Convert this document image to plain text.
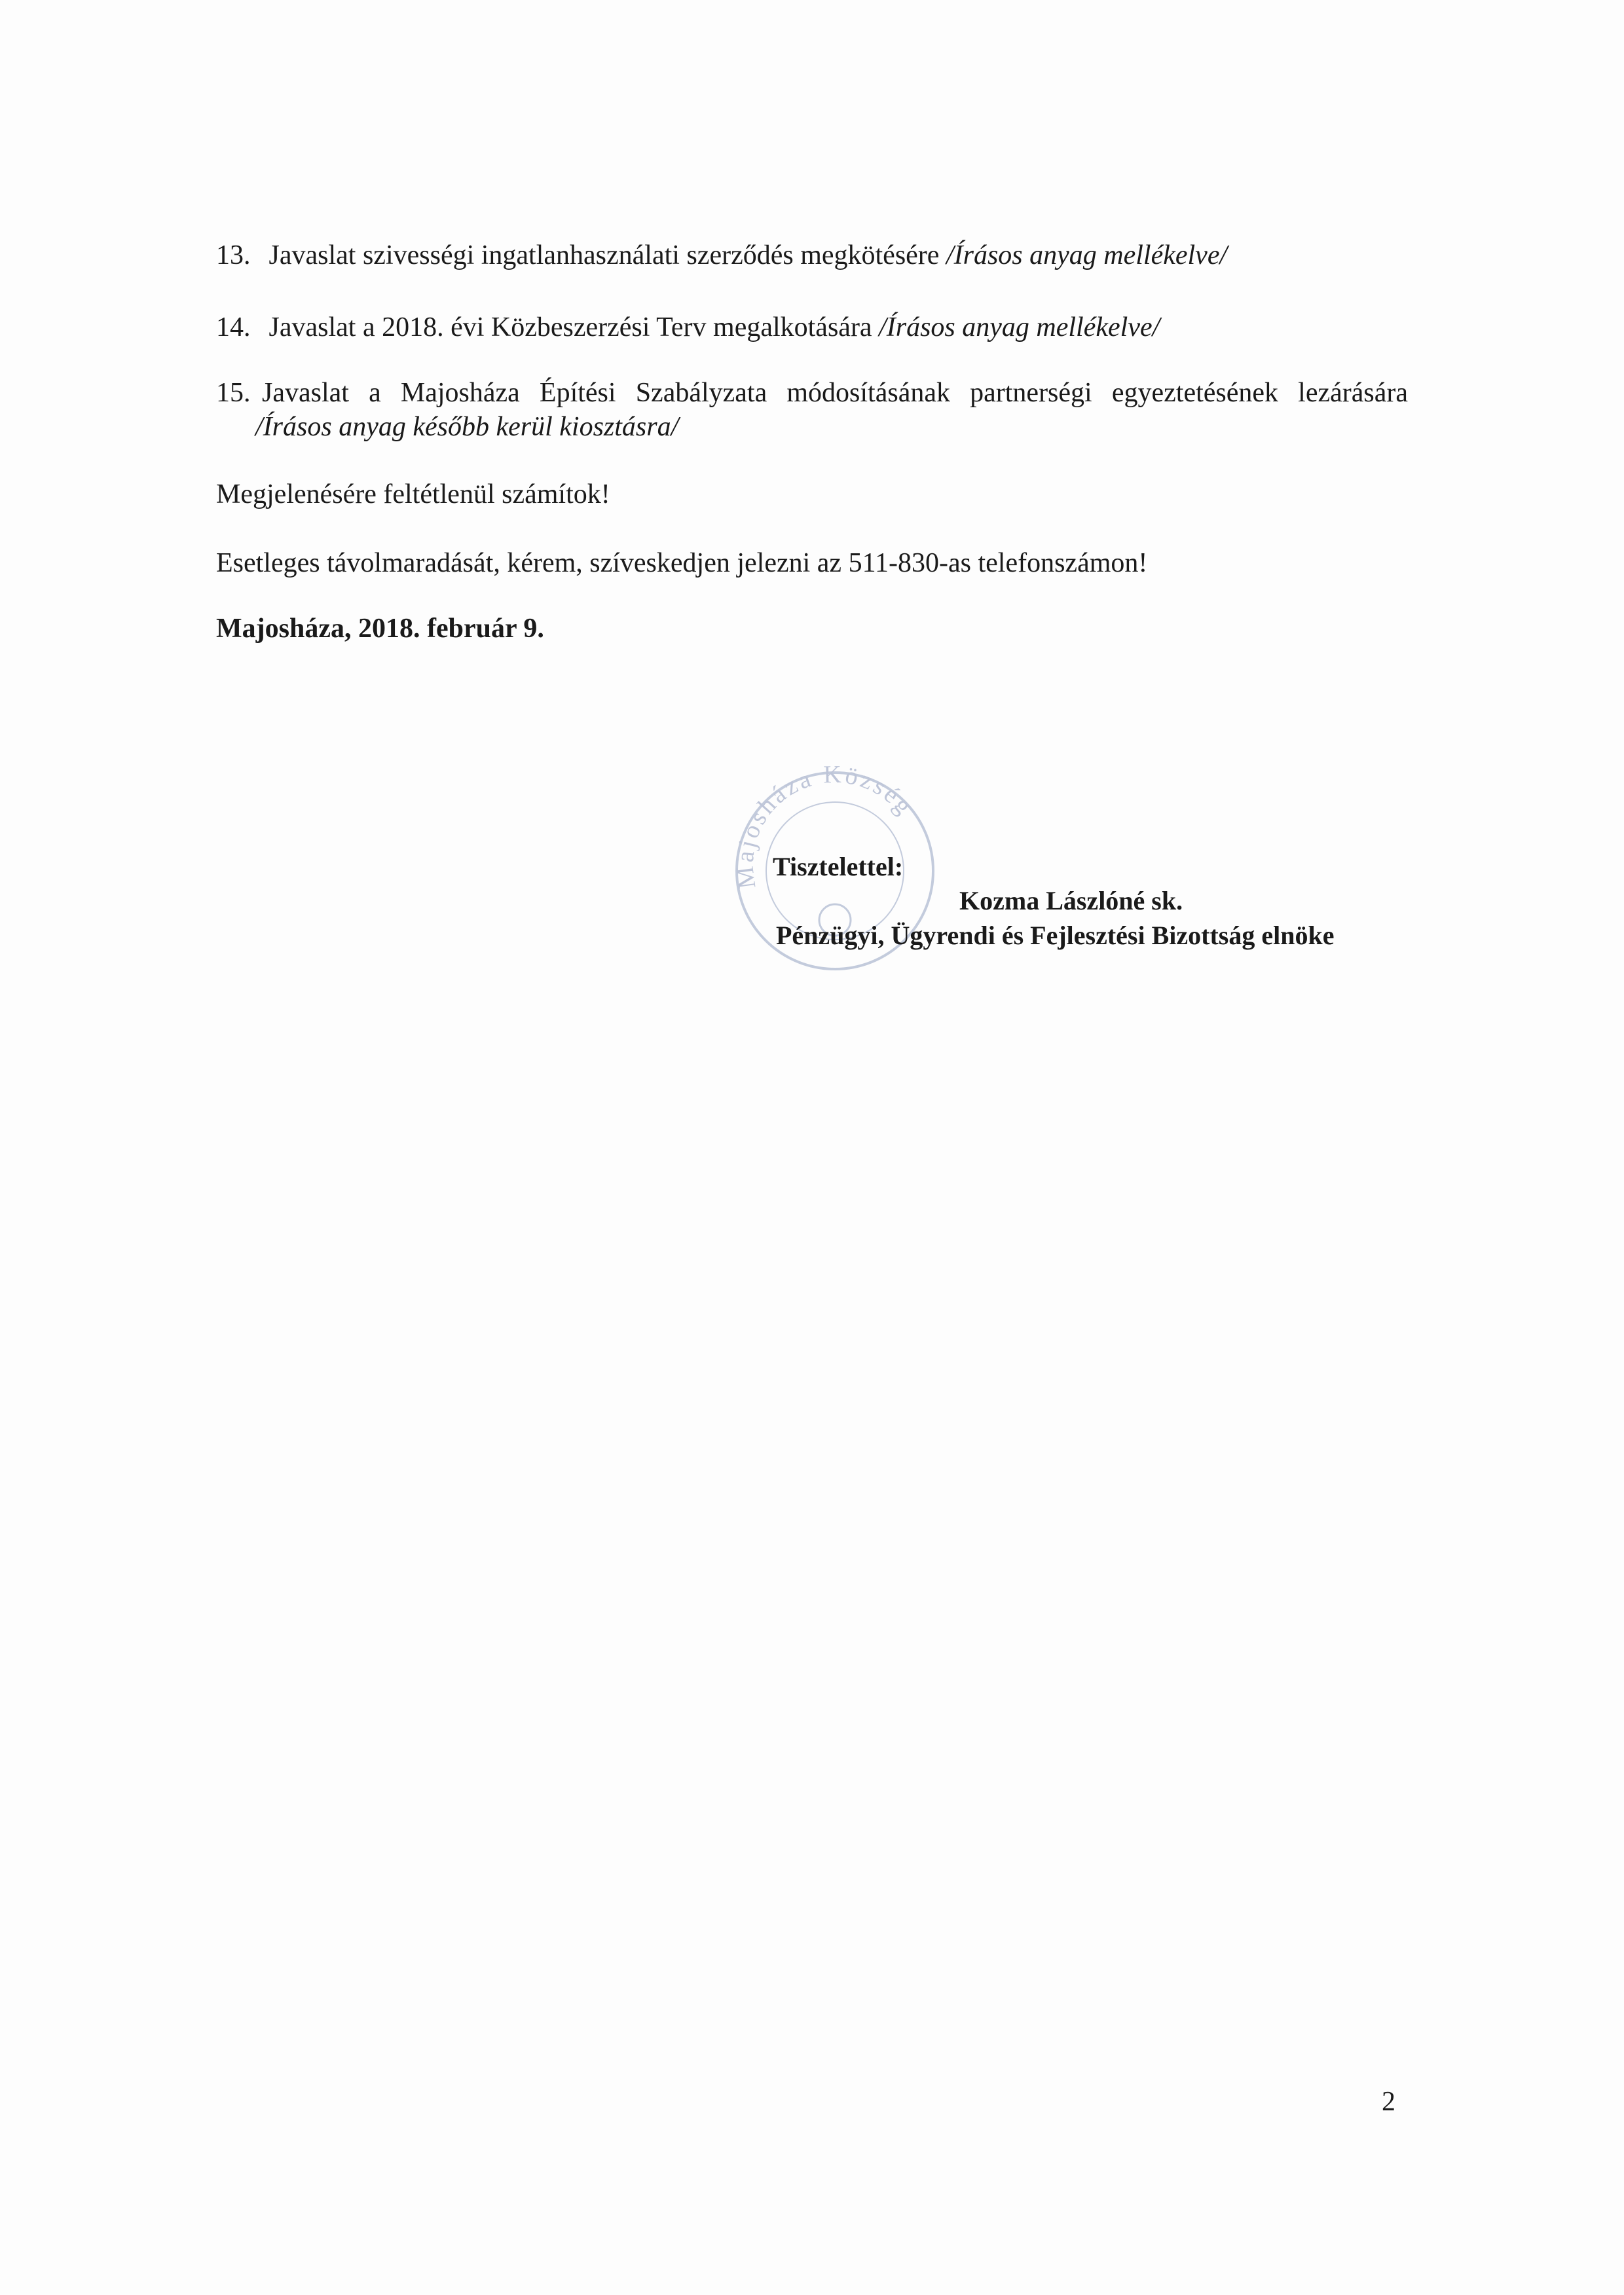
13. Javaslat szivességi ingatlanhasználati szerződés megkötésére /Írásos anyag mellékelve/
14. Javaslat a 2018. évi Közbeszerzési Terv megalkotására /Írásos anyag mellékelve/
15. Javaslat a Majosháza Építési Szabályzata módosításának partnerségi egyeztetésének lezárására
/Írásos anyag később kerül kiosztásra/
Megjelenésére feltétlenül számítok!
Esetleges távolmaradását, kérem, szíveskedjen jelezni az 511-830-as telefonszámon!
Majosháza, 2018. február 9.
Majosháza Község
Tisztelettel:
Kozma Lászlóné sk.
Pénzügyi, Ügyrendi és Fejlesztési Bizottság elnöke
2
